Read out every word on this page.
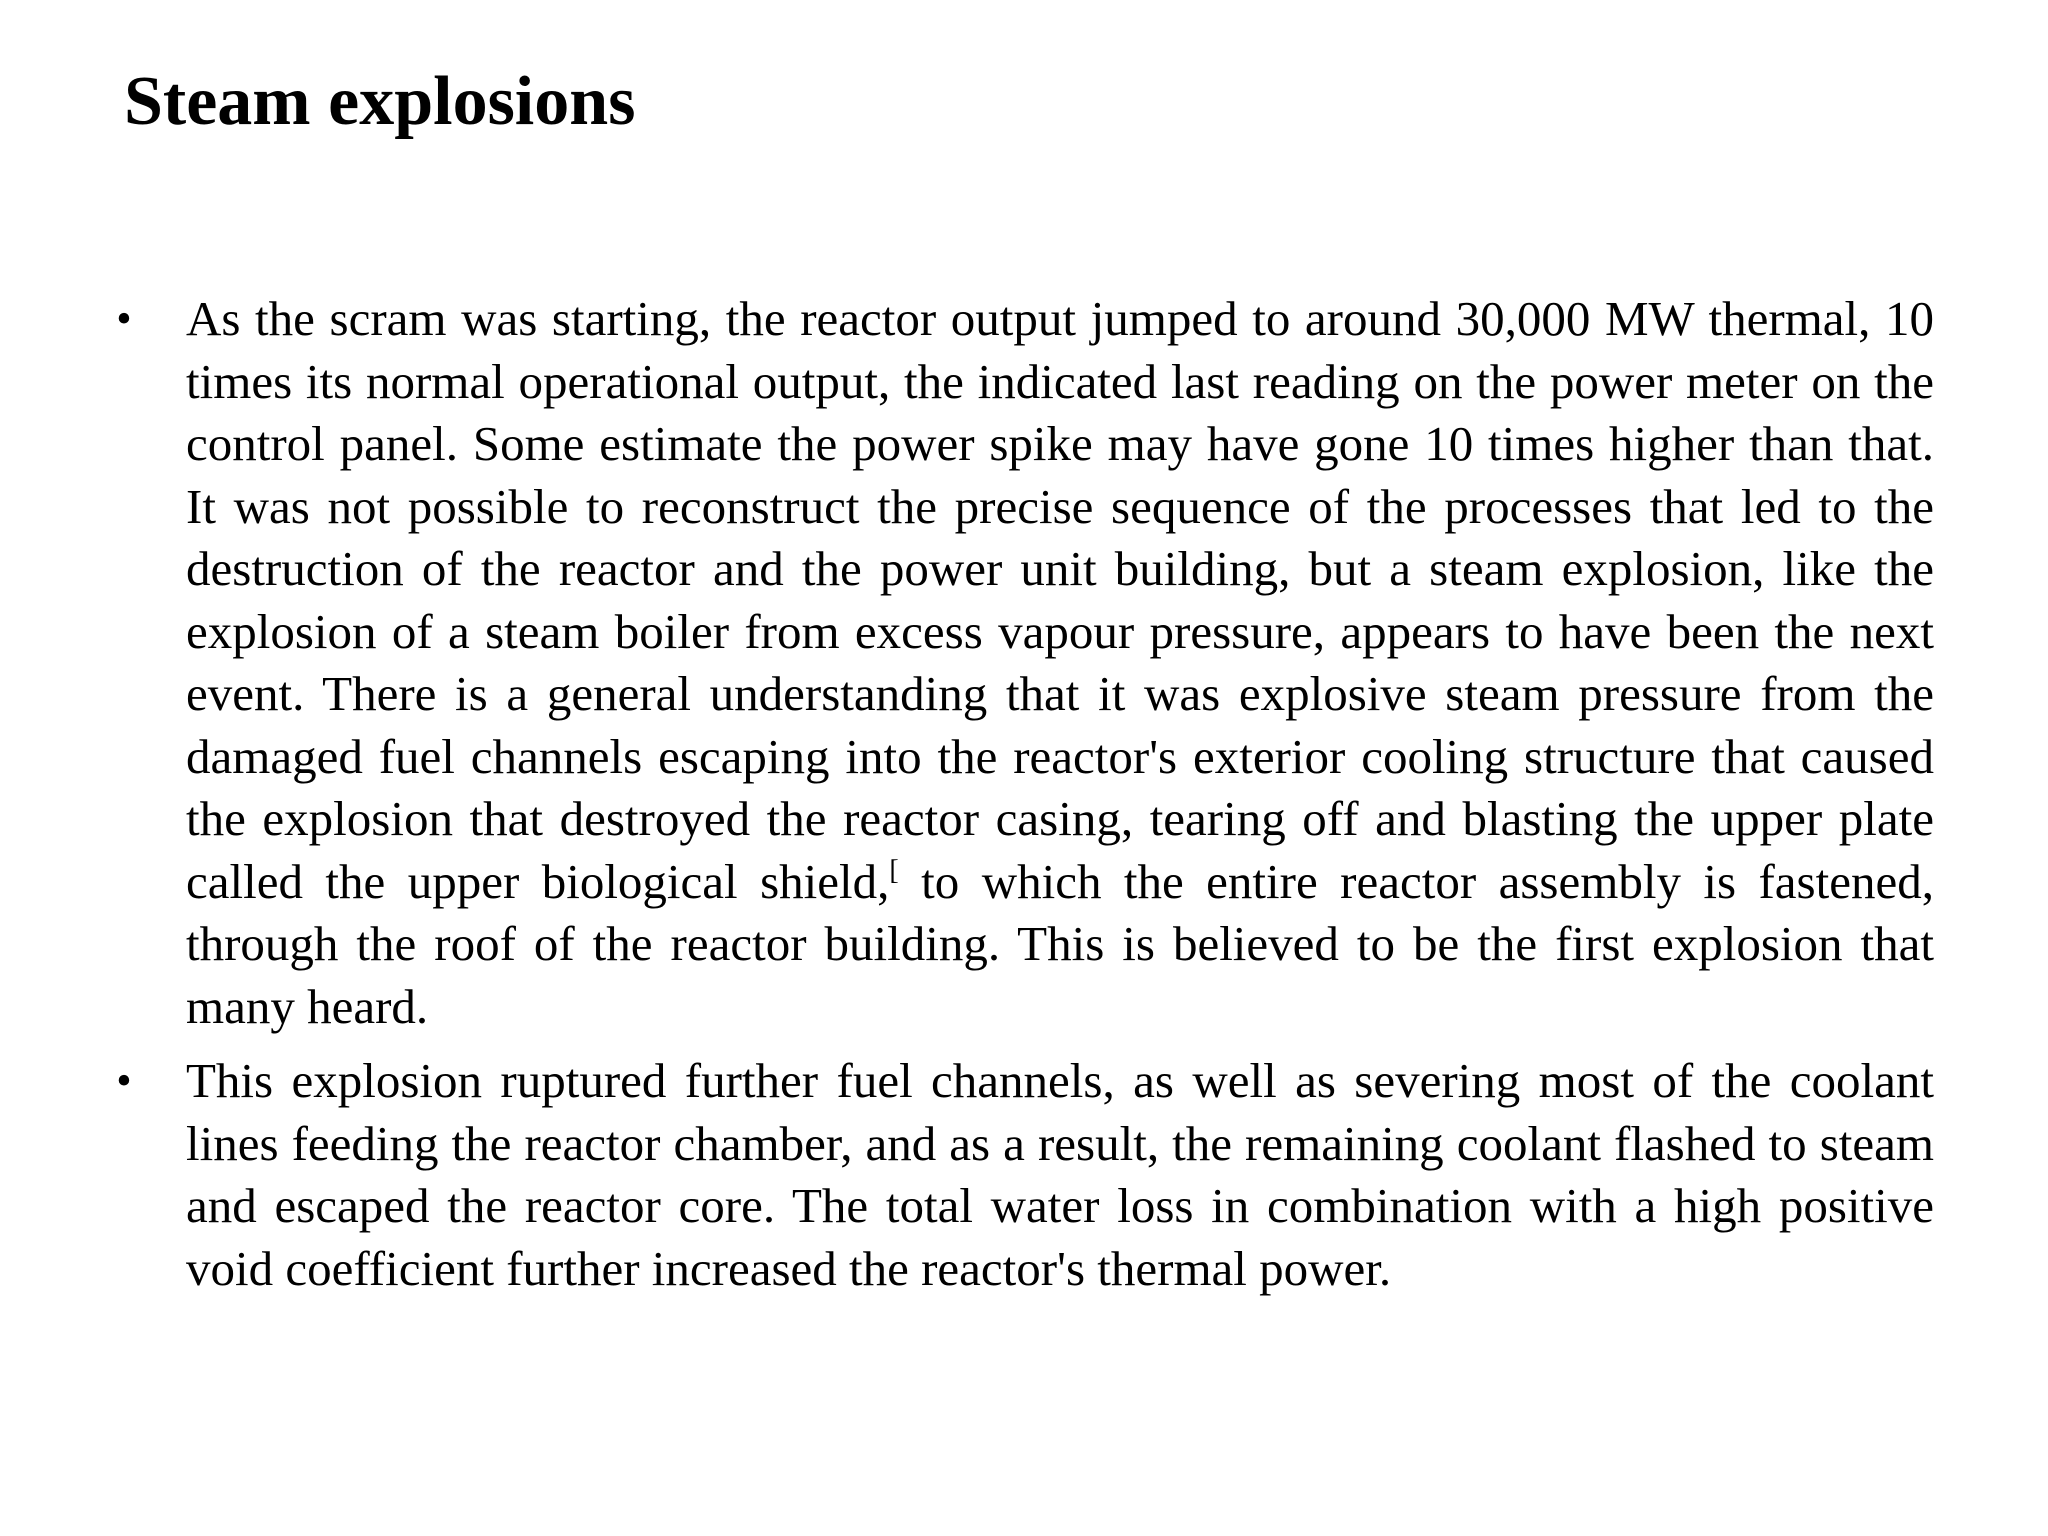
Steam explosions
• As the scram was starting, the reactor output jumped to around 30,000 MW thermal, 10 times its normal operational output, the indicated last reading on the power meter on the control panel. Some estimate the power spike may have gone 10 times higher than that. It was not possible to reconstruct the precise sequence of the processes that led to the destruction of the reactor and the power unit building, but a steam explosion, like the explosion of a steam boiler from excess vapour pressure, appears to have been the next event. There is a general understanding that it was explosive steam pressure from the damaged fuel channels escaping into the reactor's exterior cooling structure that caused the explosion that destroyed the reactor casing, tearing off and blasting the upper plate called the upper biological shield,[ to which the entire reactor assembly is fastened, through the roof of the reactor building. This is believed to be the first explosion that many heard.
• This explosion ruptured further fuel channels, as well as severing most of the coolant lines feeding the reactor chamber, and as a result, the remaining coolant flashed to steam and escaped the reactor core. The total water loss in combination with a high positive void coefficient further increased the reactor's thermal power.
